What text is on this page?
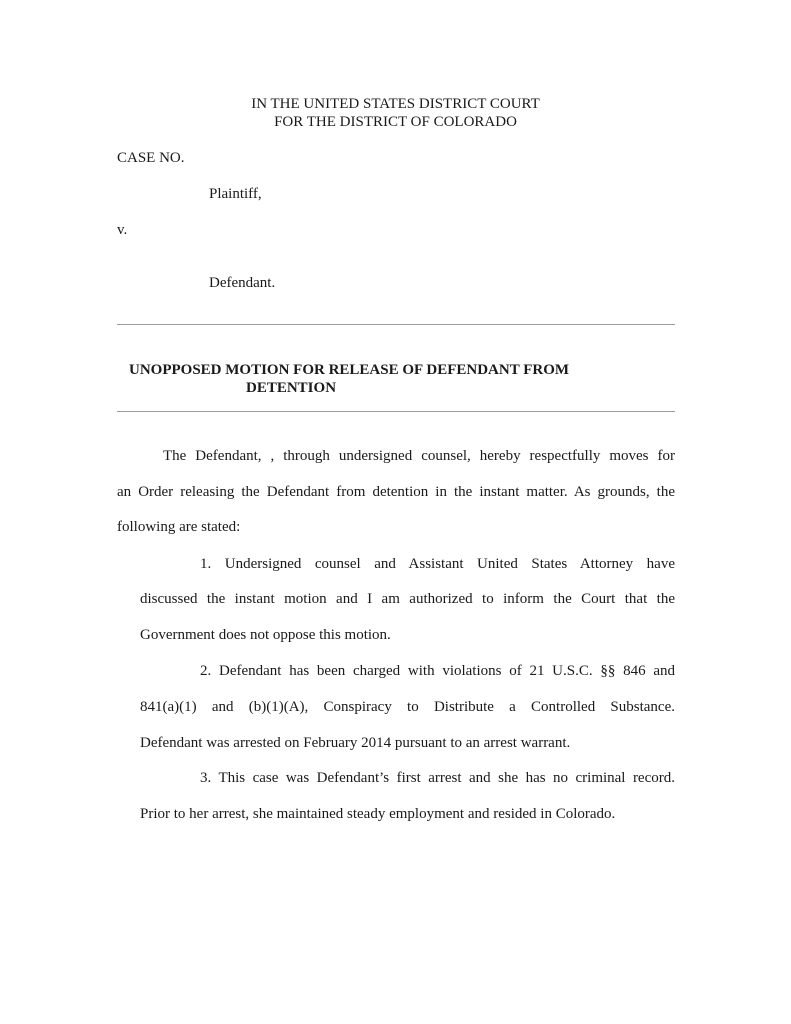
IN THE UNITED STATES DISTRICT COURT
FOR THE DISTRICT OF COLORADO
CASE NO.
Plaintiff,
v.
Defendant.
UNOPPOSED MOTION FOR RELEASE OF DEFENDANT FROM
DETENTION
The Defendant, , through undersigned counsel, hereby respectfully moves for
an Order releasing the Defendant from detention in the instant matter. As grounds, the
following are stated:
1. Undersigned counsel and Assistant United States Attorney have
discussed the instant motion and I am authorized to inform the Court that the
Government does not oppose this motion.
2. Defendant has been charged with violations of 21 U.S.C. §§ 846 and
841(a)(1) and (b)(1)(A), Conspiracy to Distribute a Controlled Substance.
Defendant was arrested on February 2014 pursuant to an arrest warrant.
3. This case was Defendant’s first arrest and she has no criminal record.
Prior to her arrest, she maintained steady employment and resided in Colorado.
